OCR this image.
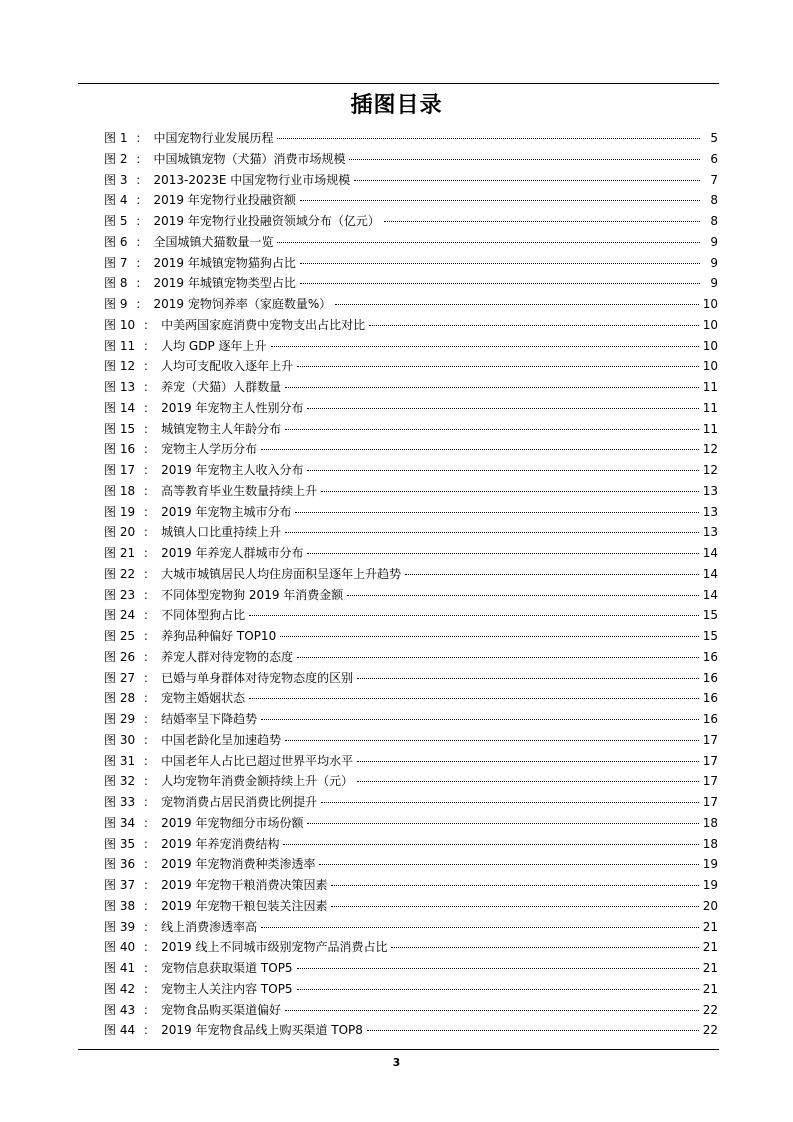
插图目录
图 1 ： 中国宠物行业发展历程	5
图 2 ： 中国城镇宠物（犬猫）消费市场规模	6
图 3 ： 2013-2023E 中国宠物行业市场规模	7
图 4 ： 2019 年宠物行业投融资额	8
图 5 ： 2019 年宠物行业投融资领域分布（亿元）	8
图 6 ： 全国城镇犬猫数量一览	9
图 7 ： 2019 年城镇宠物猫狗占比	9
图 8 ： 2019 年城镇宠物类型占比	9
图 9 ： 2019 宠物饲养率（家庭数量%）	10
图 10 ： 中美两国家庭消费中宠物支出占比对比	10
图 11 ： 人均 GDP 逐年上升	10
图 12 ： 人均可支配收入逐年上升	10
图 13 ： 养宠（犬猫）人群数量	11
图 14 ： 2019 年宠物主人性别分布	11
图 15 ： 城镇宠物主人年龄分布	11
图 16 ： 宠物主人学历分布	12
图 17 ： 2019 年宠物主人收入分布	12
图 18 ： 高等教育毕业生数量持续上升	13
图 19 ： 2019 年宠物主城市分布	13
图 20 ： 城镇人口比重持续上升	13
图 21 ： 2019 年养宠人群城市分布	14
图 22 ： 大城市城镇居民人均住房面积呈逐年上升趋势	14
图 23 ： 不同体型宠物狗 2019 年消费金额	14
图 24 ： 不同体型狗占比	15
图 25 ： 养狗品种偏好 TOP10	15
图 26 ： 养宠人群对待宠物的态度	16
图 27 ： 已婚与单身群体对待宠物态度的区别	16
图 28 ： 宠物主婚姻状态	16
图 29 ： 结婚率呈下降趋势	16
图 30 ： 中国老龄化呈加速趋势	17
图 31 ： 中国老年人占比已超过世界平均水平	17
图 32 ： 人均宠物年消费金额持续上升（元）	17
图 33 ： 宠物消费占居民消费比例提升	17
图 34 ： 2019 年宠物细分市场份额	18
图 35 ： 2019 年养宠消费结构	18
图 36 ： 2019 年宠物消费种类渗透率	19
图 37 ： 2019 年宠物干粮消费决策因素	19
图 38 ： 2019 年宠物干粮包装关注因素	20
图 39 ： 线上消费渗透率高	21
图 40 ： 2019 线上不同城市级别宠物产品消费占比	21
图 41 ： 宠物信息获取渠道 TOP5	21
图 42 ： 宠物主人关注内容 TOP5	21
图 43 ： 宠物食品购买渠道偏好	22
图 44 ： 2019 年宠物食品线上购买渠道 TOP8	22
3
